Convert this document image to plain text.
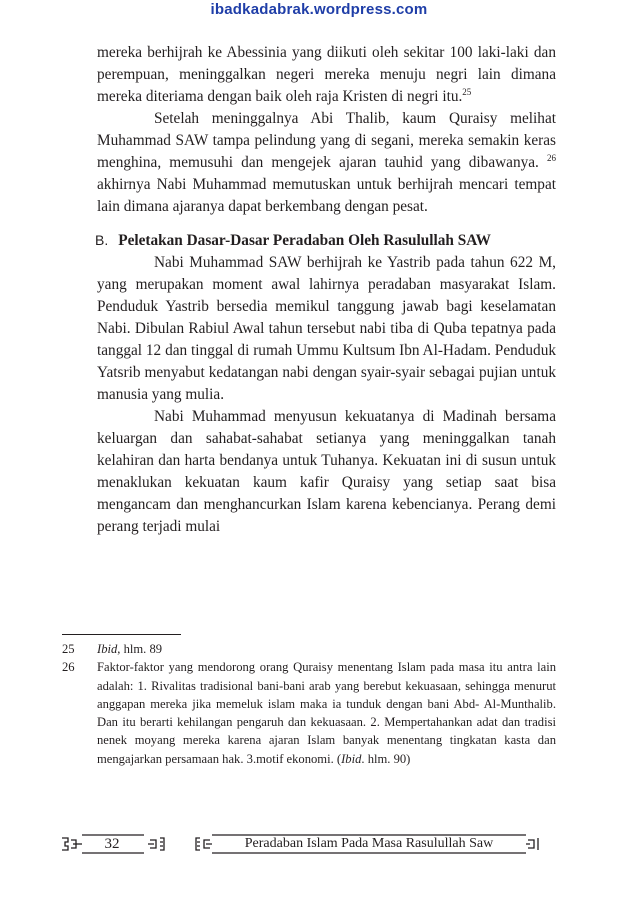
ibadkadabrak.wordpress.com

mereka berhijrah ke Abessinia yang diikuti oleh sekitar 100 laki-laki dan perempuan, meninggalkan negeri mereka menuju negri lain dimana mereka diteriama dengan baik oleh raja Kristen di negri itu.$^{25}$

Setelah meninggalnya Abi Thalib, kaum Quraisy melihat Muhammad SAW tampa pelindung yang di segani, mereka semakin keras menghina, memusuhi dan mengejek ajaran tauhid yang dibawanya. $^{26}$ akhirnya Nabi Muhammad memutuskan untuk berhijrah mencari tempat lain dimana ajaranya dapat berkembang dengan pesat.

B. Peletakan Dasar-Dasar Peradaban Oleh Rasulullah SAW

Nabi Muhammad SAW berhijrah ke Yastrib pada tahun 622 M, yang merupakan moment awal lahirnya peradaban masyarakat Islam. Penduduk Yastrib bersedia memikul tanggung jawab bagi keselamatan Nabi. Dibulan Rabiul Awal tahun tersebut nabi tiba di Quba tepatnya pada tanggal 12 dan tinggal di rumah Ummu Kultsum Ibn Al-Hadam. Penduduk Yatsrib menyabut kedatangan nabi dengan syair-syair sebagai pujian untuk manusia yang mulia.

Nabi Muhammad menyusun kekuatanya di Madinah bersama keluargan dan sahabat-sahabat setianya yang meninggalkan tanah kelahiran dan harta bendanya untuk Tuhanya. Kekuatan ini di susun untuk menaklukan kekuatan kaum kafir Quraisy yang setiap saat bisa mengancam dan menghancurkan Islam karena kebencianya. Perang demi perang terjadi mulai

25 Ibid, hlm. 89
26 Faktor-faktor yang mendorong orang Quraisy menentang Islam pada masa itu antra lain adalah: 1. Rivalitas tradisional bani-bani arab yang berebut kekuasaan, sehingga menurut anggapan mereka jika memeluk islam maka ia tunduk dengan bani Abd- Al-Munthalib. Dan itu berarti kehilangan pengaruh dan kekuasaan. 2. Mempertahankan adat dan tradisi nenek moyang mereka karena ajaran Islam banyak menentang tingkatan kasta dan mengajarkan persamaan hak. 3.motif ekonomi. (Ibid. hlm. 90)
32	Peradaban Islam Pada Masa Rasulullah Saw
